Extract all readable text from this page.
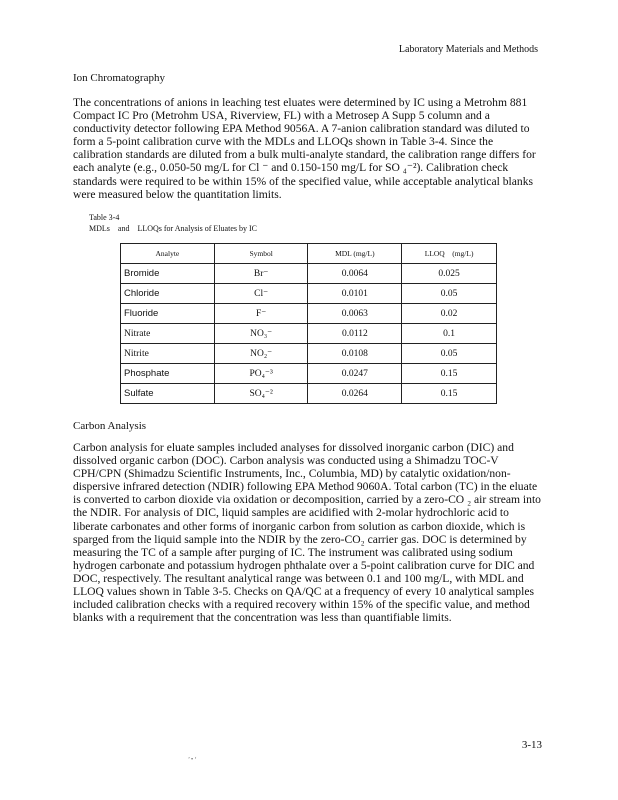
Laboratory Materials and Methods
Ion Chromatography
The concentrations of anions in leaching test eluates were determined by IC using a Metrohm 881 Compact IC Pro (Metrohm USA, Riverview, FL) with a Metrosep A Supp 5 column and a conductivity detector following EPA Method 9056A. A 7-anion calibration standard was diluted to form a 5-point calibration curve with the MDLs and LLOQs shown in Table 3-4. Since the calibration standards are diluted from a bulk multi-analyte standard, the calibration range differs for each analyte (e.g., 0.050-50 mg/L for Cl ⁻ and 0.150-150 mg/L for SO ₄⁻²). Calibration check standards were required to be within 15% of the specified value, while acceptable analytical blanks were measured below the quantitation limits.
Table 3-4
MDLs    and    LLOQs for Analysis of Eluates by IC
Analyte	Symbol	MDL (mg/L)	LLOQ    (mg/L)
Bromide	Br⁻	0.0064	0.025
Chloride	Cl⁻	0.0101	0.05
Fluoride	F⁻	0.0063	0.02
Nitrate	NO₃⁻	0.0112	0.1
Nitrite	NO₂⁻	0.0108	0.05
Phosphate	PO₄⁻³	0.0247	0.15
Sulfate	SO₄⁻²	0.0264	0.15
Carbon Analysis
Carbon analysis for eluate samples included analyses for dissolved inorganic carbon (DIC) and dissolved organic carbon (DOC). Carbon analysis was conducted using a Shimadzu TOC-V CPH/CPN (Shimadzu Scientific Instruments, Inc., Columbia, MD) by catalytic oxidation/non-dispersive infrared detection (NDIR) following EPA Method 9060A. Total carbon (TC) in the eluate is converted to carbon dioxide via oxidation or decomposition, carried by a zero-CO ₂ air stream into the NDIR. For analysis of DIC, liquid samples are acidified with 2-molar hydrochloric acid to liberate carbonates and other forms of inorganic carbon from solution as carbon dioxide, which is sparged from the liquid sample into the NDIR by the zero-CO₂ carrier gas. DOC is determined by measuring the TC of a sample after purging of IC. The instrument was calibrated using sodium hydrogen carbonate and potassium hydrogen phthalate over a 5-point calibration curve for DIC and DOC, respectively. The resultant analytical range was between 0.1 and 100 mg/L, with MDL and LLOQ values shown in Table 3-5. Checks on QA/QC at a frequency of every 10 analytical samples included calibration checks with a required recovery within 15% of the specific value, and method blanks with a requirement that the concentration was less than quantifiable limits.
3-13
’ • ‘
